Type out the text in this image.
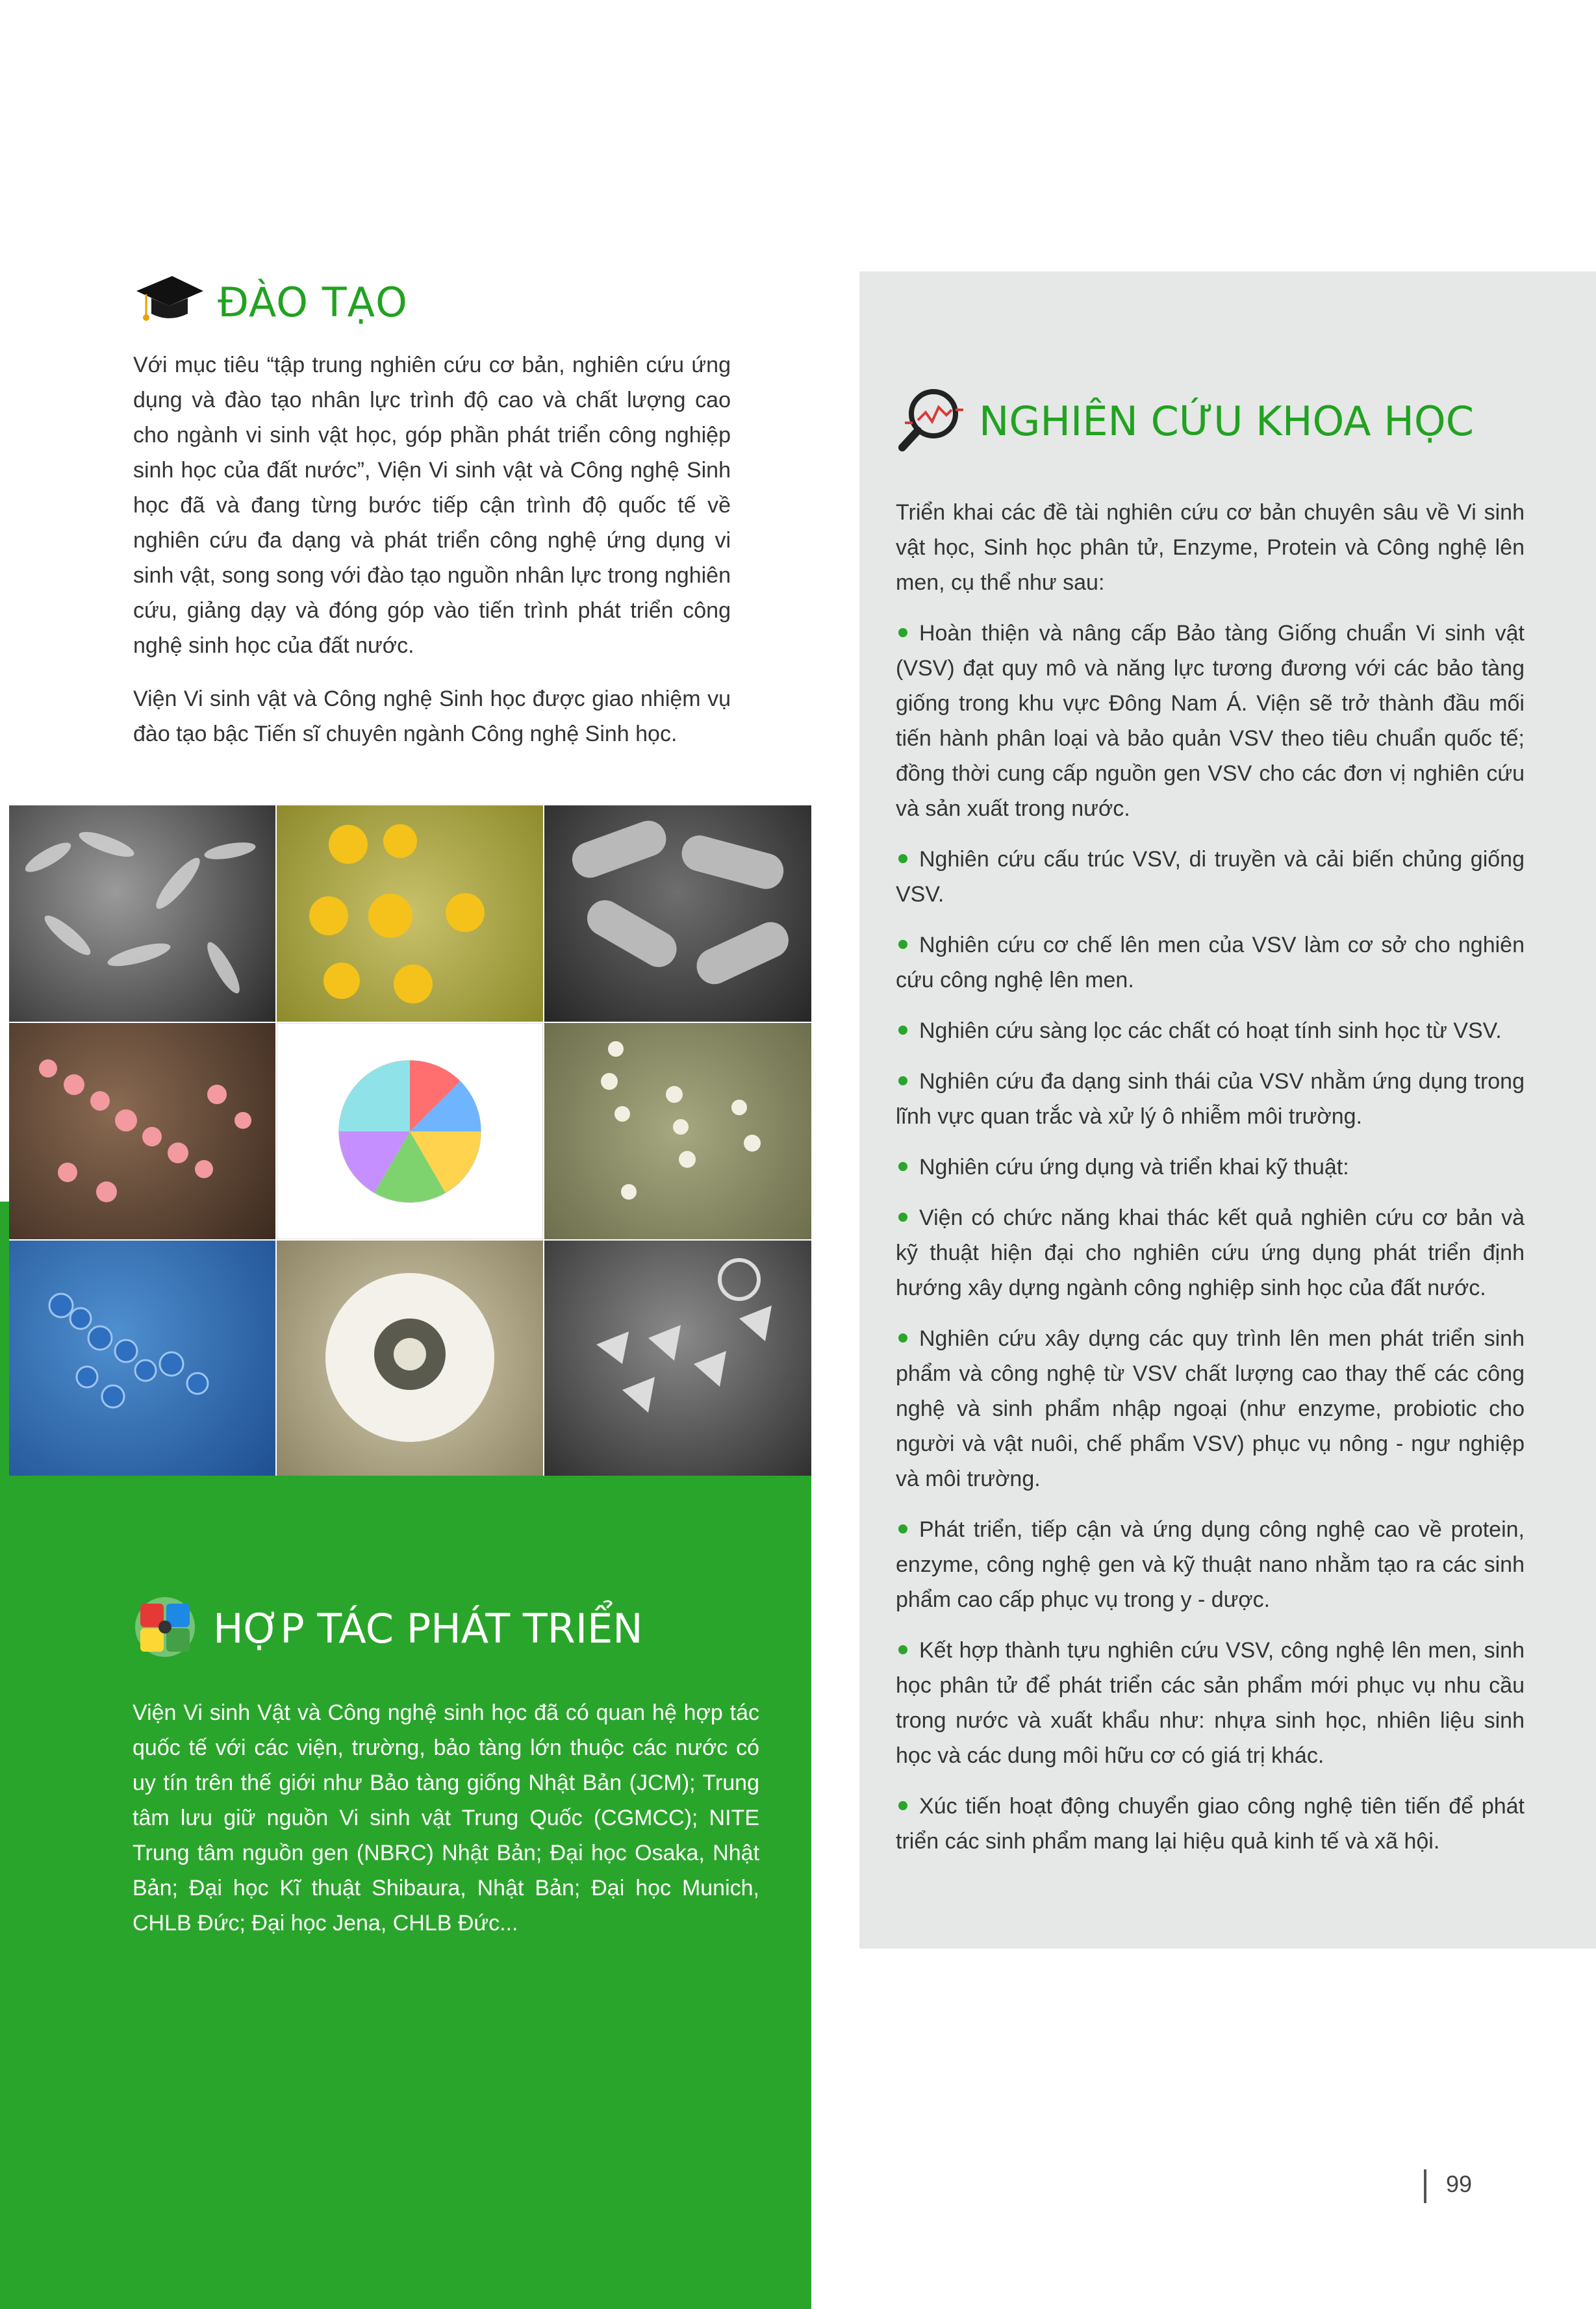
ĐÀO TẠO

Với mục tiêu “tập trung nghiên cứu cơ bản, nghiên cứu ứng dụng và đào tạo nhân lực trình độ cao và chất lượng cao cho ngành vi sinh vật học, góp phần phát triển công nghiệp sinh học của đất nước”, Viện Vi sinh vật và Công nghệ Sinh học đã và đang từng bước tiếp cận trình độ quốc tế về nghiên cứu đa dạng và phát triển công nghệ ứng dụng vi sinh vật, song song với đào tạo nguồn nhân lực trong nghiên cứu, giảng dạy và đóng góp vào tiến trình phát triển công nghệ sinh học của đất nước.

Viện Vi sinh vật và Công nghệ Sinh học được giao nhiệm vụ đào tạo bậc Tiến sĩ chuyên ngành Công nghệ Sinh học.

NGHIÊN CỨU KHOA HỌC

Triển khai các đề tài nghiên cứu cơ bản chuyên sâu về Vi sinh vật học, Sinh học phân tử, Enzyme, Protein và Công nghệ lên men, cụ thể như sau:

Hoàn thiện và nâng cấp Bảo tàng Giống chuẩn Vi sinh vật (VSV) đạt quy mô và năng lực tương đương với các bảo tàng giống trong khu vực Đông Nam Á. Viện sẽ trở thành đầu mối tiến hành phân loại và bảo quản VSV theo tiêu chuẩn quốc tế; đồng thời cung cấp nguồn gen VSV cho các đơn vị nghiên cứu và sản xuất trong nước.
Nghiên cứu cấu trúc VSV, di truyền và cải biến chủng giống VSV.
Nghiên cứu cơ chế lên men của VSV làm cơ sở cho nghiên cứu công nghệ lên men.
Nghiên cứu sàng lọc các chất có hoạt tính sinh học từ VSV.
Nghiên cứu đa dạng sinh thái của VSV nhằm ứng dụng trong lĩnh vực quan trắc và xử lý ô nhiễm môi trường.
Nghiên cứu ứng dụng và triển khai kỹ thuật:
Viện có chức năng khai thác kết quả nghiên cứu cơ bản và kỹ thuật hiện đại cho nghiên cứu ứng dụng phát triển định hướng xây dựng ngành công nghiệp sinh học của đất nước.
Nghiên cứu xây dựng các quy trình lên men phát triển sinh phẩm và công nghệ từ VSV chất lượng cao thay thế các công nghệ và sinh phẩm nhập ngoại (như enzyme, probiotic cho người và vật nuôi, chế phẩm VSV) phục vụ nông - ngư nghiệp và môi trường.
Phát triển, tiếp cận và ứng dụng công nghệ cao về protein, enzyme, công nghệ gen và kỹ thuật nano nhằm tạo ra các sinh phẩm cao cấp phục vụ trong y - dược.
Kết hợp thành tựu nghiên cứu VSV, công nghệ lên men, sinh học phân tử để phát triển các sản phẩm mới phục vụ nhu cầu trong nước và xuất khẩu như: nhựa sinh học, nhiên liệu sinh học và các dung môi hữu cơ có giá trị khác.
Xúc tiến hoạt động chuyển giao công nghệ tiên tiến để phát triển các sinh phẩm mang lại hiệu quả kinh tế và xã hội.
HỢP TÁC PHÁT TRIỂN

Viện Vi sinh Vật và Công nghệ sinh học đã có quan hệ hợp tác quốc tế với các viện, trường, bảo tàng lớn thuộc các nước có uy tín trên thế giới như Bảo tàng giống Nhật Bản (JCM); Trung tâm lưu giữ nguồn Vi sinh vật Trung Quốc (CGMCC); NITE Trung tâm nguồn gen (NBRC) Nhật Bản; Đại học Osaka, Nhật Bản; Đại học Kĩ thuật Shibaura, Nhật Bản; Đại học Munich, CHLB Đức; Đại học Jena, CHLB Đức...

99
